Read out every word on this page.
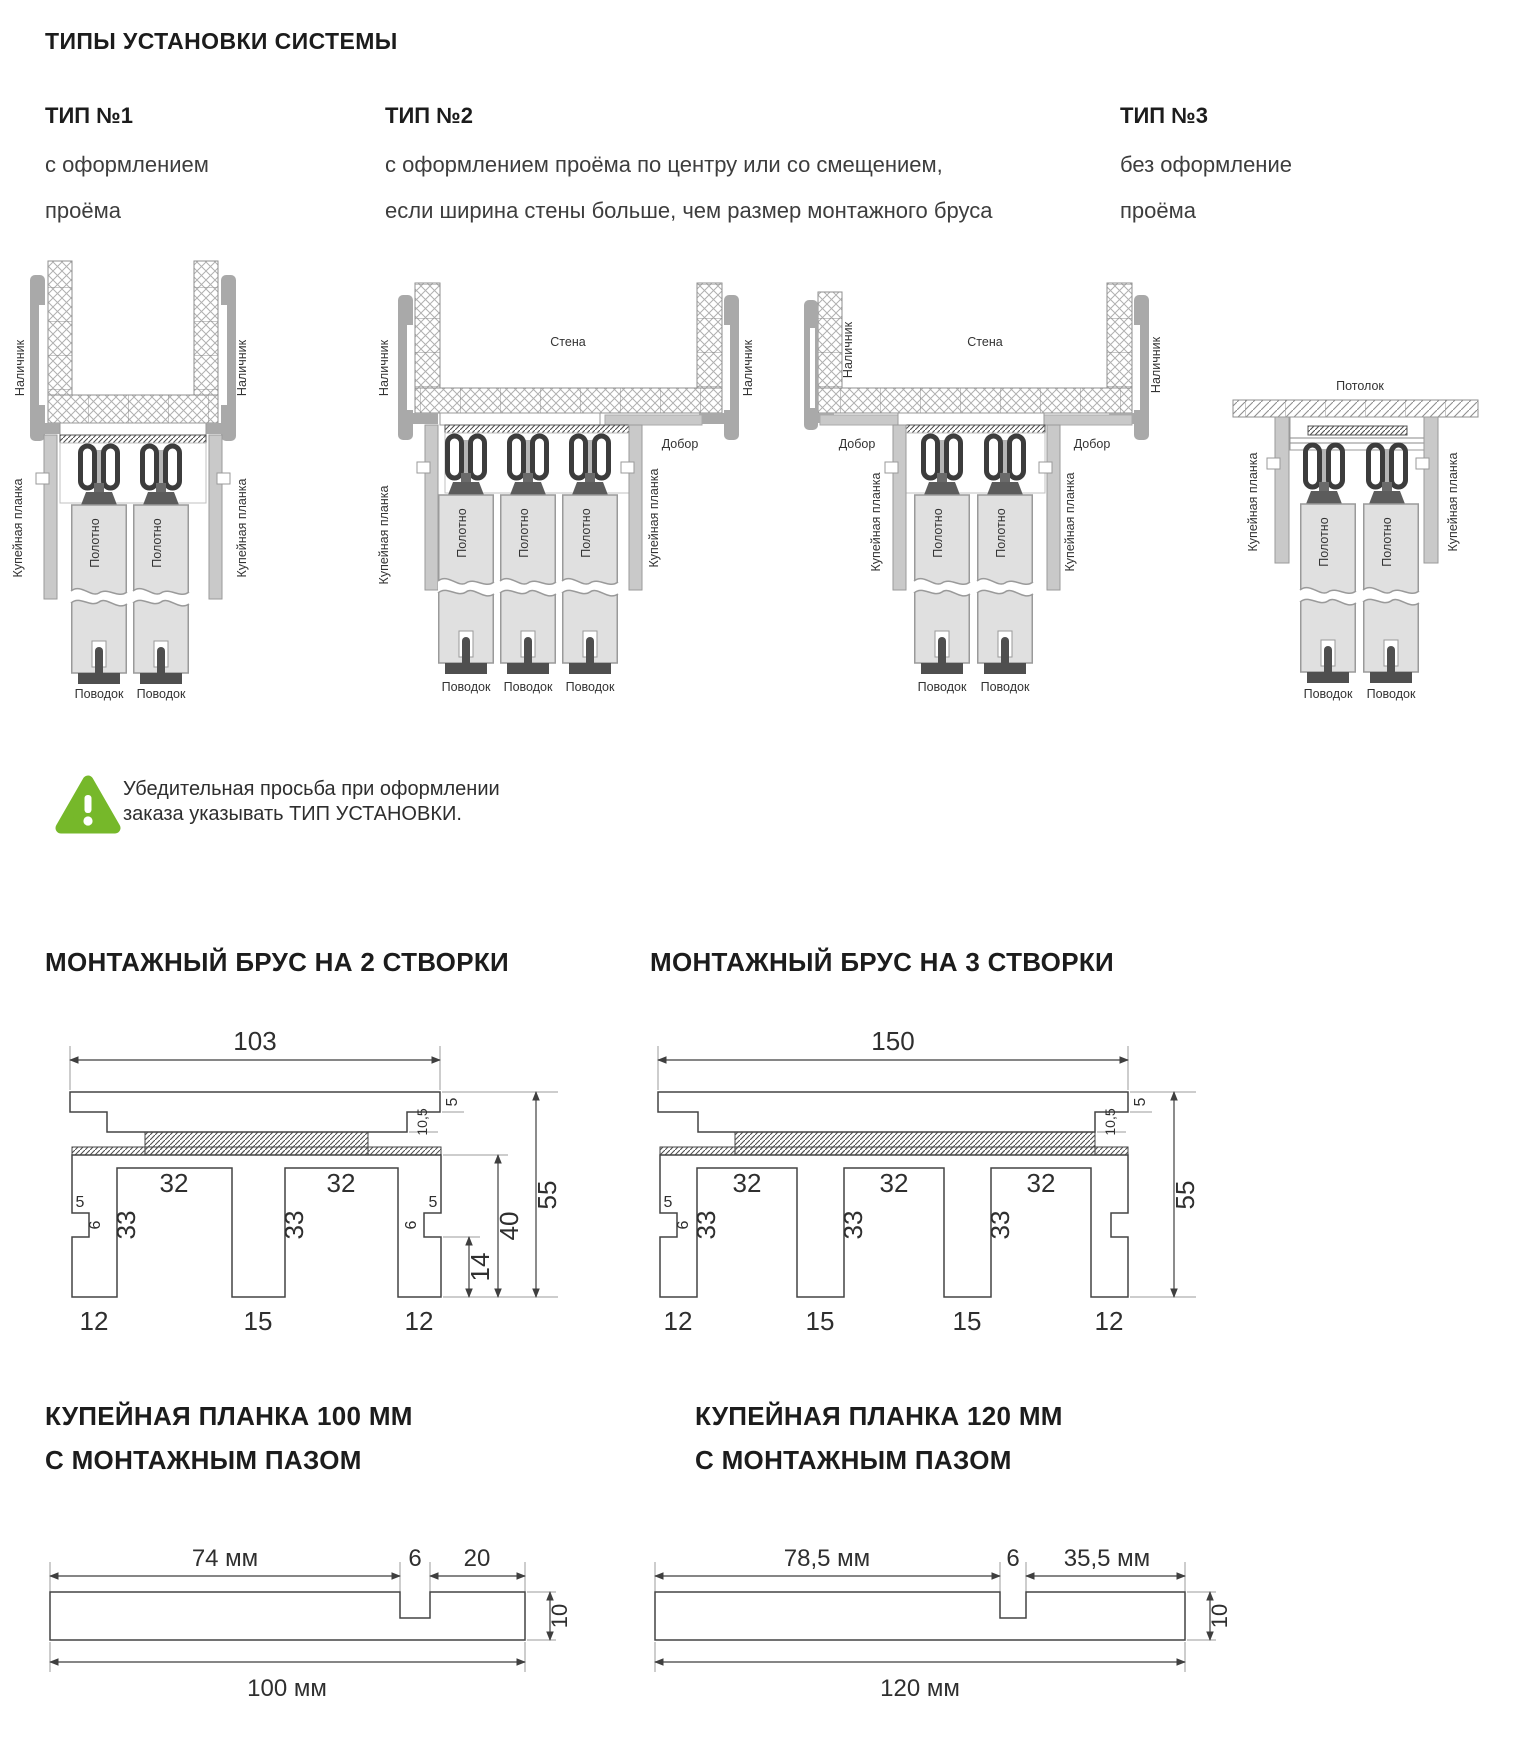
ТИПЫ УСТАНОВКИ СИСТЕМЫ
ТИП №1
с оформлением
проёма
ТИП №2
с оформлением проёма по центру или со смещением,
если ширина стены больше, чем размер монтажного бруса
ТИП №3
без оформление
проёма
Наличник	Наличник
Купейная планка	Купейная планка
Полотно	Полотно
Поводок Поводок
Стена
Добор
Наличник	Наличник
Купейная планка	Купейная планка
Полотно	Полотно	Полотно
Поводок Поводок Поводок
Стена
Добор	Добор
Наличник	Наличник
Купейная планка	Купейная планка
Полотно	Полотно
Поводок Поводок
Потолок
Купейная планка	Купейная планка
Полотно	Полотно
Поводок Поводок
Убедительная просьба при оформлении
заказа указывать ТИП УСТАНОВКИ.
МОНТАЖНЫЙ БРУС НА 2 СТВОРКИ	МОНТАЖНЫЙ БРУС НА 3 СТВОРКИ
103
32	32
33	33
5
6
5
6
12	15	12
5
10,5
14
40
55
150
32	32	32
33	33	33
5
6
12	15	15	12
5
10,5
55
КУПЕЙНАЯ ПЛАНКА 100 ММ
С МОНТАЖНЫМ ПАЗОМ
КУПЕЙНАЯ ПЛАНКА 120 ММ
С МОНТАЖНЫМ ПАЗОМ
74 мм	6 20
10
100 мм
78,5 мм	6 35,5 мм
10
120 мм
